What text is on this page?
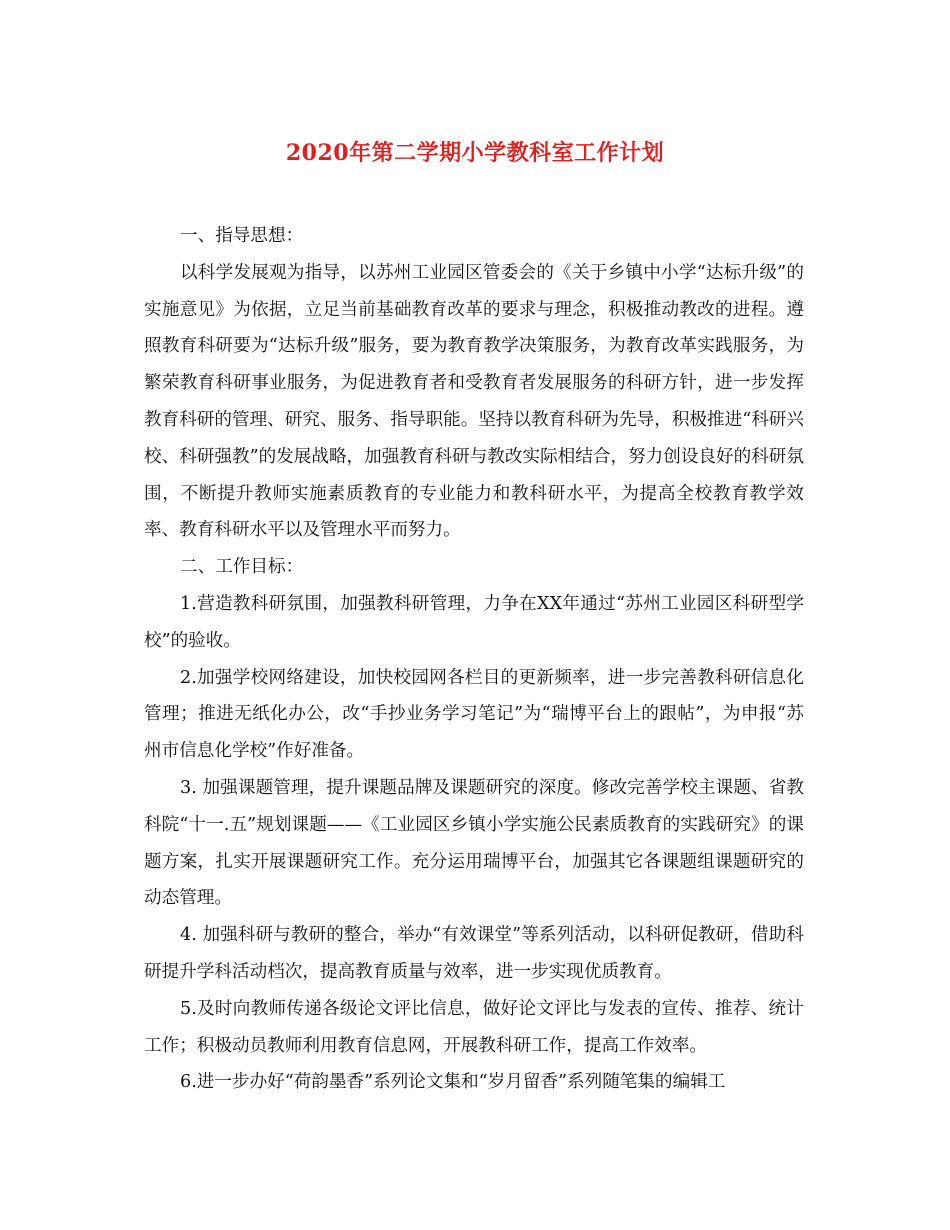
2020年第二学期小学教科室工作计划

一、指导思想：

以科学发展观为指导，以苏州工业园区管委会的《关于乡镇中小学“达标升级”的实施意见》为依据，立足当前基础教育改革的要求与理念，积极推动教改的进程。遵照教育科研要为“达标升级”服务，要为教育教学决策服务，为教育改革实践服务，为繁荣教育科研事业服务，为促进教育者和受教育者发展服务的科研方针，进一步发挥教育科研的管理、研究、服务、指导职能。坚持以教育科研为先导，积极推进“科研兴校、科研强教”的发展战略，加强教育科研与教改实际相结合，努力创设良好的科研氛围，不断提升教师实施素质教育的专业能力和教科研水平，为提高全校教育教学效率、教育科研水平以及管理水平而努力。

二、工作目标：

1.营造教科研氛围，加强教科研管理，力争在XX年通过“苏州工业园区科研型学校”的验收。

2.加强学校网络建设，加快校园网各栏目的更新频率，进一步完善教科研信息化管理；推进无纸化办公，改“手抄业务学习笔记”为“瑞博平台上的跟帖”，为申报“苏州市信息化学校”作好准备。

3. 加强课题管理，提升课题品牌及课题研究的深度。修改完善学校主课题、省教科院“十一.五”规划课题——《工业园区乡镇小学实施公民素质教育的实践研究》的课题方案，扎实开展课题研究工作。充分运用瑞博平台，加强其它各课题组课题研究的动态管理。

4. 加强科研与教研的整合，举办“有效课堂”等系列活动，以科研促教研，借助科研提升学科活动档次，提高教育质量与效率，进一步实现优质教育。

5.及时向教师传递各级论文评比信息，做好论文评比与发表的宣传、推荐、统计工作；积极动员教师利用教育信息网，开展教科研工作，提高工作效率。

6.进一步办好“荷韵墨香”系列论文集和“岁月留香”系列随笔集的编辑工
